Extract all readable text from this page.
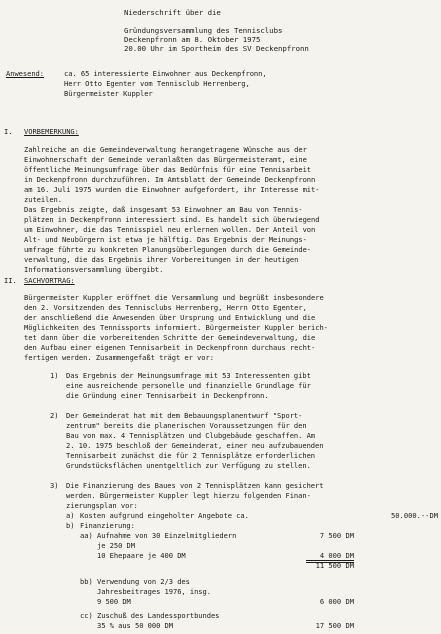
Niederschrift über die
Gründungsversammlung des Tennisclubs
Deckenpfronn am 8. Oktober 1975
20.00 Uhr im Sportheim des SV Deckenpfronn
Anwesend:	ca. 65 interessierte Einwohner aus Deckenpfronn,
Herr Otto Egenter vom Tennisclub Herrenberg,
Bürgermeister Kuppler
I. VORBEMERKUNG:
Zahlreiche an die Gemeindeverwaltung herangetragene Wünsche aus der
Einwohnerschaft der Gemeinde veranlaßten das Bürgermeisteramt, eine
öffentliche Meinungsumfrage über das Bedürfnis für eine Tennisarbeit
in Deckenpfronn durchzuführen. Im Amtsblatt der Gemeinde Deckenpfronn
am 16. Juli 1975 wurden die Einwohner aufgefordert, ihr Interesse mit-
zuteilen.
Das Ergebnis zeigte, daß insgesamt 53 Einwohner am Bau von Tennis-
plätzen in Deckenpfronn interessiert sind. Es handelt sich überwiegend
um Einwohner, die das Tennisspiel neu erlernen wollen. Der Anteil von
Alt- und Neubürgern ist etwa je hälftig. Das Ergebnis der Meinungs-
umfrage führte zu konkreten Planungsüberlegungen durch die Gemeinde-
verwaltung, die das Ergebnis ihrer Vorbereitungen in der heutigen
Informationsversammlung übergibt.
II. SACHVORTRAG:
Bürgermeister Kuppler eröffnet die Versammlung und begrüßt insbesondere
den 2. Vorsitzenden des Tennisclubs Herrenberg, Herrn Otto Egenter,
der anschließend die Anwesenden über Ursprung und Entwicklung und die
Möglichkeiten des Tennissports informiert. Bürgermeister Kuppler berich-
tet dann über die vorbereitenden Schritte der Gemeindeverwaltung, die
den Aufbau einer eigenen Tennisarbeit in Deckenpfronn durchaus recht-
fertigen werden. Zusammengefaßt trägt er vor:
1) Das Ergebnis der Meinungsumfrage mit 53 Interessenten gibt
eine ausreichende personelle und finanzielle Grundlage für
die Gründung einer Tennisarbeit in Deckenpfronn.
2) Der Gemeinderat hat mit dem Bebauungsplanentwurf "Sport-
zentrum" bereits die planerischen Voraussetzungen für den
Bau von max. 4 Tennisplätzen und Clubgebäude geschaffen. Am
2. 10. 1975 beschloß der Gemeinderat, einer neu aufzubauenden
Tennisarbeit zunächst die für 2 Tennisplätze erforderlichen
Grundstücksflächen unentgeltlich zur Verfügung zu stellen.
3) Die Finanzierung des Baues von 2 Tennisplätzen kann gesichert
werden. Bürgermeister Kuppler legt hierzu folgenden Finan-
zierungsplan vor:
a) Kosten aufgrund eingeholter Angebote ca.	50.000.--DM
b) Finanzierung:
aa) Aufnahme von 30 Einzelmitgliedern	7 500 DM
je 250 DM
10 Ehepaare je 400 DM	4 000 DM
11 500 DM
bb) Verwendung von 2/3 des
Jahresbeitrages 1976, insg.
9 500 DM	6 000 DM
cc) Zuschuß des Landessportbundes
35 % aus 50 000 DM	17 500 DM
